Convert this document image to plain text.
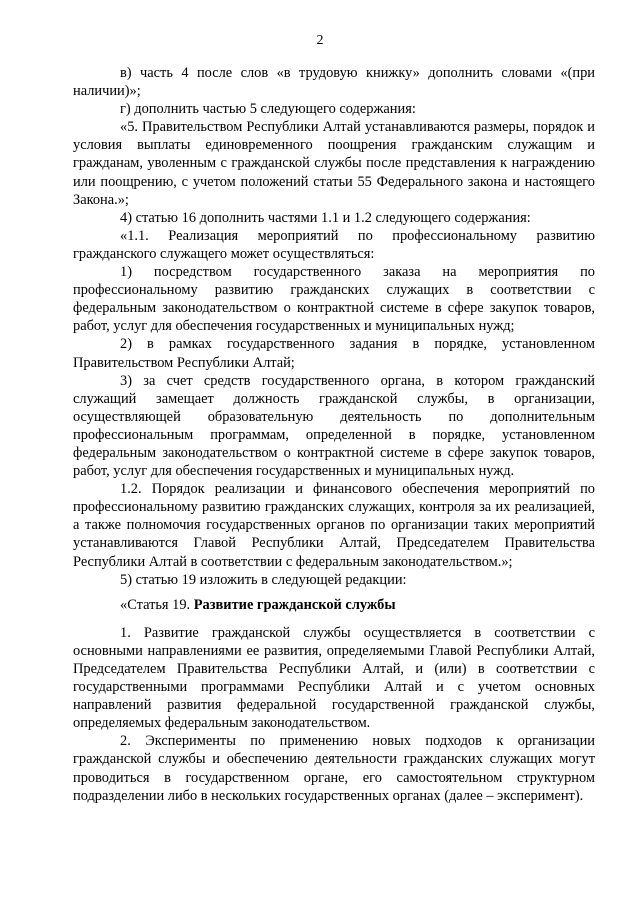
2

в) часть 4 после слов «в трудовую книжку» дополнить словами «(при наличии)»;

г) дополнить частью 5 следующего содержания:

«5. Правительством Республики Алтай устанавливаются размеры, порядок и условия выплаты единовременного поощрения гражданским служащим и гражданам, уволенным с гражданской службы после представления к награждению или поощрению, с учетом положений статьи 55 Федерального закона и настоящего Закона.»;

4) статью 16 дополнить частями 1.1 и 1.2 следующего содержания:

«1.1. Реализация мероприятий по профессиональному развитию гражданского служащего может осуществляться:

1) посредством государственного заказа на мероприятия по профессиональному развитию гражданских служащих в соответствии с федеральным законодательством о контрактной системе в сфере закупок товаров, работ, услуг для обеспечения государственных и муниципальных нужд;

2) в рамках государственного задания в порядке, установленном Правительством Республики Алтай;

3) за счет средств государственного органа, в котором гражданский служащий замещает должность гражданской службы, в организации, осуществляющей образовательную деятельность по дополнительным профессиональным программам, определенной в порядке, установленном федеральным законодательством о контрактной системе в сфере закупок товаров, работ, услуг для обеспечения государственных и муниципальных нужд.

1.2. Порядок реализации и финансового обеспечения мероприятий по профессиональному развитию гражданских служащих, контроля за их реализацией, а также полномочия государственных органов по организации таких мероприятий устанавливаются Главой Республики Алтай, Председателем Правительства Республики Алтай в соответствии с федеральным законодательством.»;

5) статью 19 изложить в следующей редакции:

«Статья 19. Развитие гражданской службы

1. Развитие гражданской службы осуществляется в соответствии с основными направлениями ее развития, определяемыми Главой Республики Алтай, Председателем Правительства Республики Алтай, и (или) в соответствии с государственными программами Республики Алтай и с учетом основных направлений развития федеральной государственной гражданской службы, определяемых федеральным законодательством.

2. Эксперименты по применению новых подходов к организации гражданской службы и обеспечению деятельности гражданских служащих могут проводиться в государственном органе, его самостоятельном структурном подразделении либо в нескольких государственных органах (далее – эксперимент).
